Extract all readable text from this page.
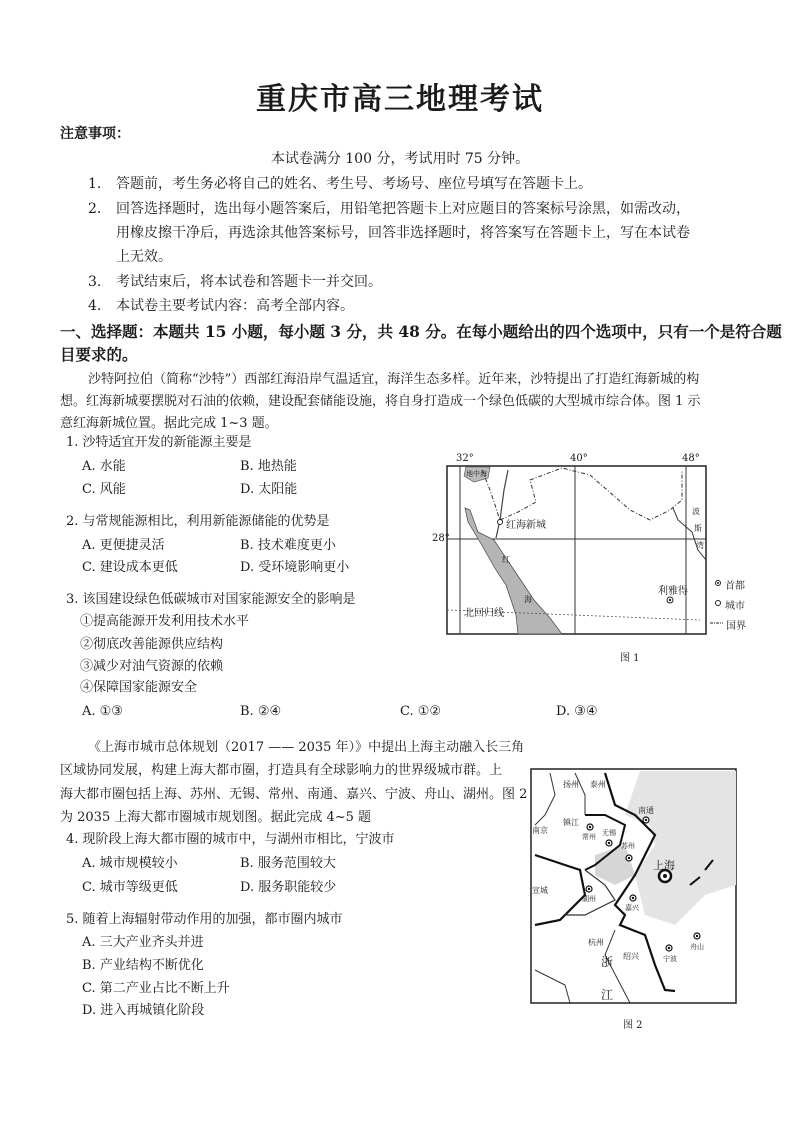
重庆市高三地理考试
注意事项：
本试卷满分 100 分，考试用时 75 分钟。
1. 答题前，考生务必将自己的姓名、考生号、考场号、座位号填写在答题卡上。
2. 回答选择题时，选出每小题答案后，用铅笔把答题卡上对应题目的答案标号涂黑，如需改动，
用橡皮擦干净后，再选涂其他答案标号，回答非选择题时，将答案写在答题卡上，写在本试卷
上无效。
3. 考试结束后，将本试卷和答题卡一并交回。
4. 本试卷主要考试内容：高考全部内容。
一、选择题：本题共 15 小题，每小题 3 分，共 48 分。在每小题给出的四个选项中，只有一个是符合题
目要求的。
沙特阿拉伯（简称“沙特”）西部红海沿岸气温适宜，海洋生态多样。近年来，沙特提出了打造红海新城的构
想。红海新城要摆脱对石油的依赖，建设配套储能设施，将自身打造成一个绿色低碳的大型城市综合体。图 1 示
意红海新城位置。据此完成 1~3 题。
1. 沙特适宜开发的新能源主要是
A. 水能	B. 地热能
C. 风能	D. 太阳能
2. 与常规能源相比，利用新能源储能的优势是
A. 更便捷灵活	B. 技术难度更小
C. 建设成本更低	D. 受环境影响更小
3. 该国建设绿色低碳城市对国家能源安全的影响是
①提高能源开发利用技术水平
②彻底改善能源供应结构
③减少对油气资源的依赖
④保障国家能源安全
A. ①③	B. ②④	C. ①②	D. ③④
32°	40°	48°
28°
地中海
红海新城
红
海
北回归线
利雅得
波
斯
湾
首都
城市
国界
图 1
《上海市城市总体规划（2017 —— 2035 年）》中提出上海主动融入长三角
区域协同发展，构建上海大都市圈，打造具有全球影响力的世界级城市群。上
海大都市圈包括上海、苏州、无锡、常州、南通、嘉兴、宁波、舟山、湖州。图 2
为 2035 上海大都市圈城市规划图。据此完成 4~5 题
4. 现阶段上海大都市圈的城市中，与湖州市相比，宁波市
A. 城市规模较小	B. 服务范围较大
C. 城市等级更低	D. 服务职能较少
5. 随着上海辐射带动作用的加强，都市圈内城市
A. 三大产业齐头并进
B. 产业结构不断优化
C. 第二产业占比不断上升
D. 进入再城镇化阶段
扬州 泰州
南通
镇江
南京
常州 无锡
苏州
上海
宣城
湖州
嘉兴
杭州
绍兴	宁波
舟山
浙
江
图 2
